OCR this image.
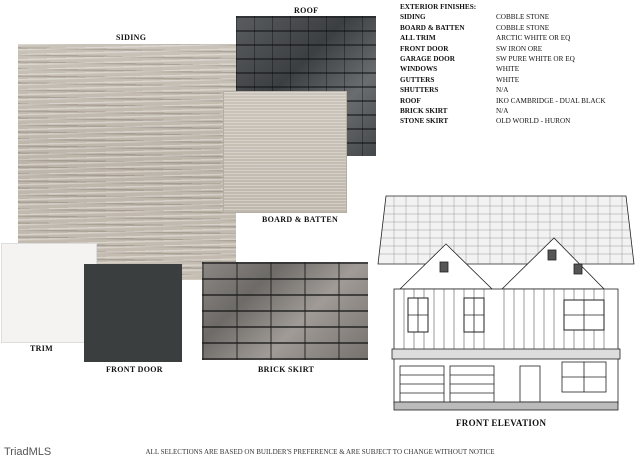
SIDING
ROOF
BOARD & BATTEN
TRIM
FRONT DOOR	BRICK SKIRT
EXTERIOR FINISHES:
SIDING	COBBLE STONE
BOARD & BATTEN	COBBLE STONE
ALL TRIM	ARCTIC WHITE OR EQ
FRONT DOOR	SW IRON ORE
GARAGE DOOR	SW PURE WHITE OR EQ
WINDOWS	WHITE
GUTTERS	WHITE
SHUTTERS	N/A
ROOF	IKO CAMBRIDGE - DUAL BLACK
BRICK SKIRT	N/A
STONE SKIRT	OLD WORLD - HURON
FRONT ELEVATION
ALL SELECTIONS ARE BASED ON BUILDER'S PREFERENCE & ARE SUBJECT TO CHANGE WITHOUT NOTICE
TriadMLS
